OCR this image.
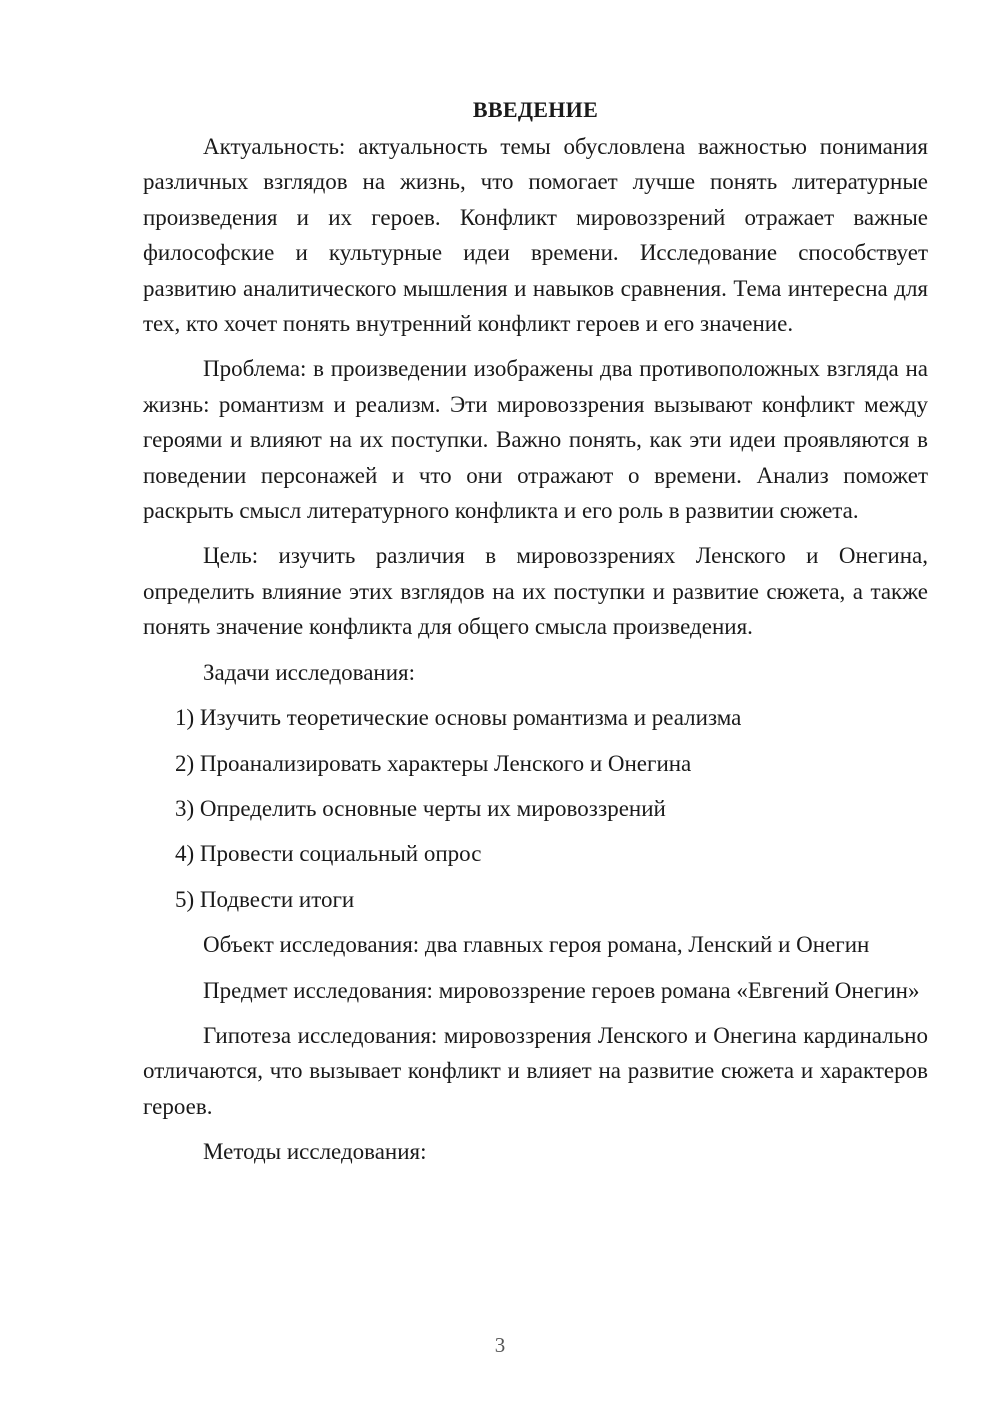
ВВЕДЕНИЕ

Актуальность: актуальность темы обусловлена важностью понимания различных взглядов на жизнь, что помогает лучше понять литературные произведения и их героев. Конфликт мировоззрений отражает важные философские и культурные идеи времени. Исследование способствует развитию аналитического мышления и навыков сравнения. Тема интересна для тех, кто хочет понять внутренний конфликт героев и его значение.

Проблема: в произведении изображены два противоположных взгляда на жизнь: романтизм и реализм. Эти мировоззрения вызывают конфликт между героями и влияют на их поступки. Важно понять, как эти идеи проявляются в поведении персонажей и что они отражают о времени. Анализ поможет раскрыть смысл литературного конфликта и его роль в развитии сюжета.

Цель: изучить различия в мировоззрениях Ленского и Онегина, определить влияние этих взглядов на их поступки и развитие сюжета, а также понять значение конфликта для общего смысла произведения.

Задачи исследования:

1) Изучить теоретические основы романтизма и реализма
2) Проанализировать характеры Ленского и Онегина
3) Определить основные черты их мировоззрений
4) Провести социальный опрос
5) Подвести итоги

Объект исследования: два главных героя романа, Ленский и Онегин

Предмет исследования: мировоззрение героев романа «Евгений Онегин»

Гипотеза исследования: мировоззрения Ленского и Онегина кардинально отличаются, что вызывает конфликт и влияет на развитие сюжета и характеров героев.

Методы исследования:

3
